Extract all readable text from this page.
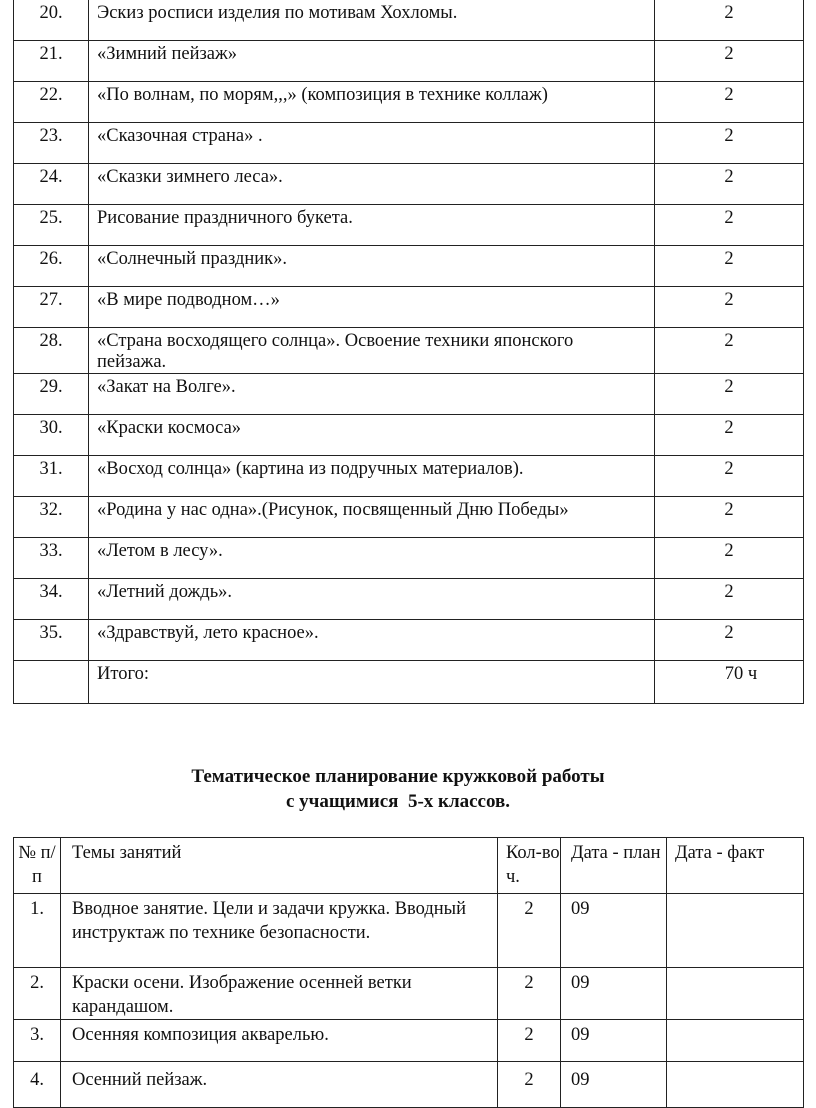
20.	Эскиз росписи изделия по мотивам Хохломы.	2
21.	«Зимний пейзаж»	2
22.	«По волнам, по морям,,,» (композиция в технике коллаж)	2
23.	«Сказочная страна» .	2
24.	«Сказки зимнего леса».	2
25.	Рисование праздничного букета.	2
26.	«Солнечный праздник».	2
27.	«В мире подводном…»	2
28.	«Страна восходящего солнца». Освоение техники японского пейзажа.	2
29.	«Закат на Волге».	2
30.	«Краски космоса»	2
31.	«Восход солнца» (картина из подручных материалов).	2
32.	«Родина у нас одна».(Рисунок, посвященный Дню Победы»	2
33.	«Летом в лесу».	2
34.	«Летний дождь».	2
35.	«Здравствуй, лето красное».	2
	Итого:	70 ч
Тематическое планирование кружковой работы
с учащимися  5-х классов.
№ п/п	Темы занятий	Кол-во ч.	Дата - план	Дата - факт
1.	Вводное занятие. Цели и задачи кружка. Вводный инструктаж по технике безопасности.	2	09	
2.	Краски осени. Изображение осенней ветки карандашом.	2	09	
3.	Осенняя композиция акварелью.	2	09	
4.	Осенний пейзаж.	2	09	
